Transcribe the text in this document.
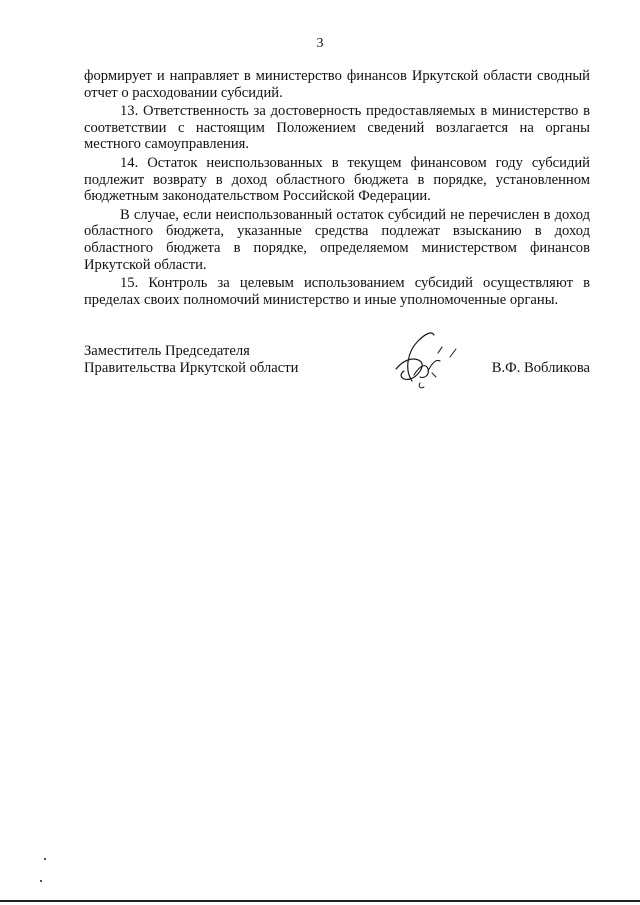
3

формирует и направляет в министерство финансов Иркутской области сводный отчет о расходовании субсидий.

13. Ответственность за достоверность предоставляемых в министерство в соответствии с настоящим Положением сведений возлагается на органы местного самоуправления.

14. Остаток неиспользованных в текущем финансовом году субсидий подлежит возврату в доход областного бюджета в порядке, установленном бюджетным законодательством Российской Федерации.

В случае, если неиспользованный остаток субсидий не перечислен в доход областного бюджета, указанные средства подлежат взысканию в доход областного бюджета в порядке, определяемом министерством финансов Иркутской области.

15. Контроль за целевым использованием субсидий осуществляют в пределах своих полномочий министерство и иные уполномоченные органы.

Заместитель Председателя
Правительства Иркутской области	В.Ф. Вобликова
